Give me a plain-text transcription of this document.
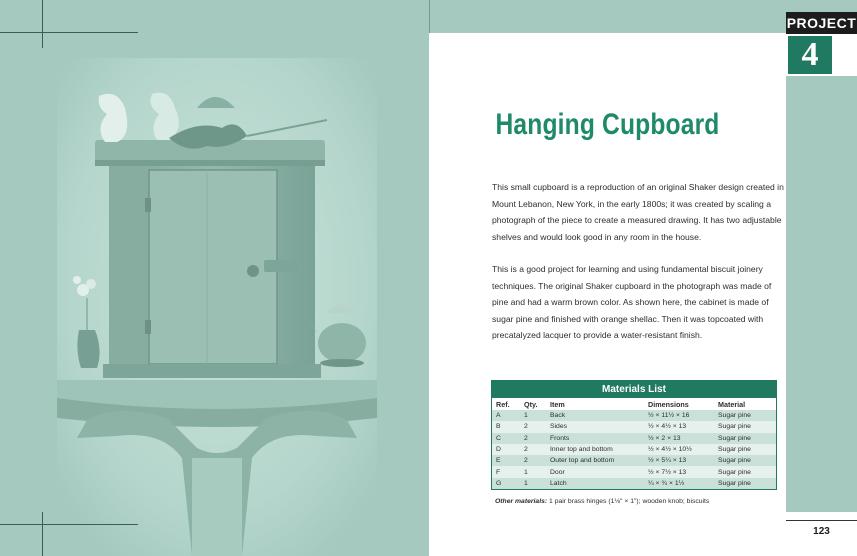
PROJECT
4
Hanging Cupboard

This small cupboard is a reproduction of an original Shaker design created in Mount Lebanon, New York, in the early 1800s; it was created by scaling a photograph of the piece to create a measured drawing. It has two adjustable shelves and would look good in any room in the house.

This is a good project for learning and using fundamental biscuit joinery techniques. The original Shaker cupboard in the photograph was made of pine and had a warm brown color. As shown here, the cabinet is made of sugar pine and finished with orange shellac. Then it was topcoated with precatalyzed lacquer to provide a water-resistant finish.

Materials List
Ref.	Qty.	Item	Dimensions	Material
A	1	Back	½ × 11½ × 16	Sugar pine
B	2	Sides	½ × 4½ × 13	Sugar pine
C	2	Fronts	½ × 2 × 13	Sugar pine
D	2	Inner top and bottom	½ × 4½ × 10½	Sugar pine
E	2	Outer top and bottom	½ × 5¼ × 13	Sugar pine
F	1	Door	½ × 7½ × 13	Sugar pine
G	1	Latch	¼ × ¾ × 1½	Sugar pine
Other materials: 1 pair brass hinges (1⅛" × 1"); wooden knob; biscuits
123
